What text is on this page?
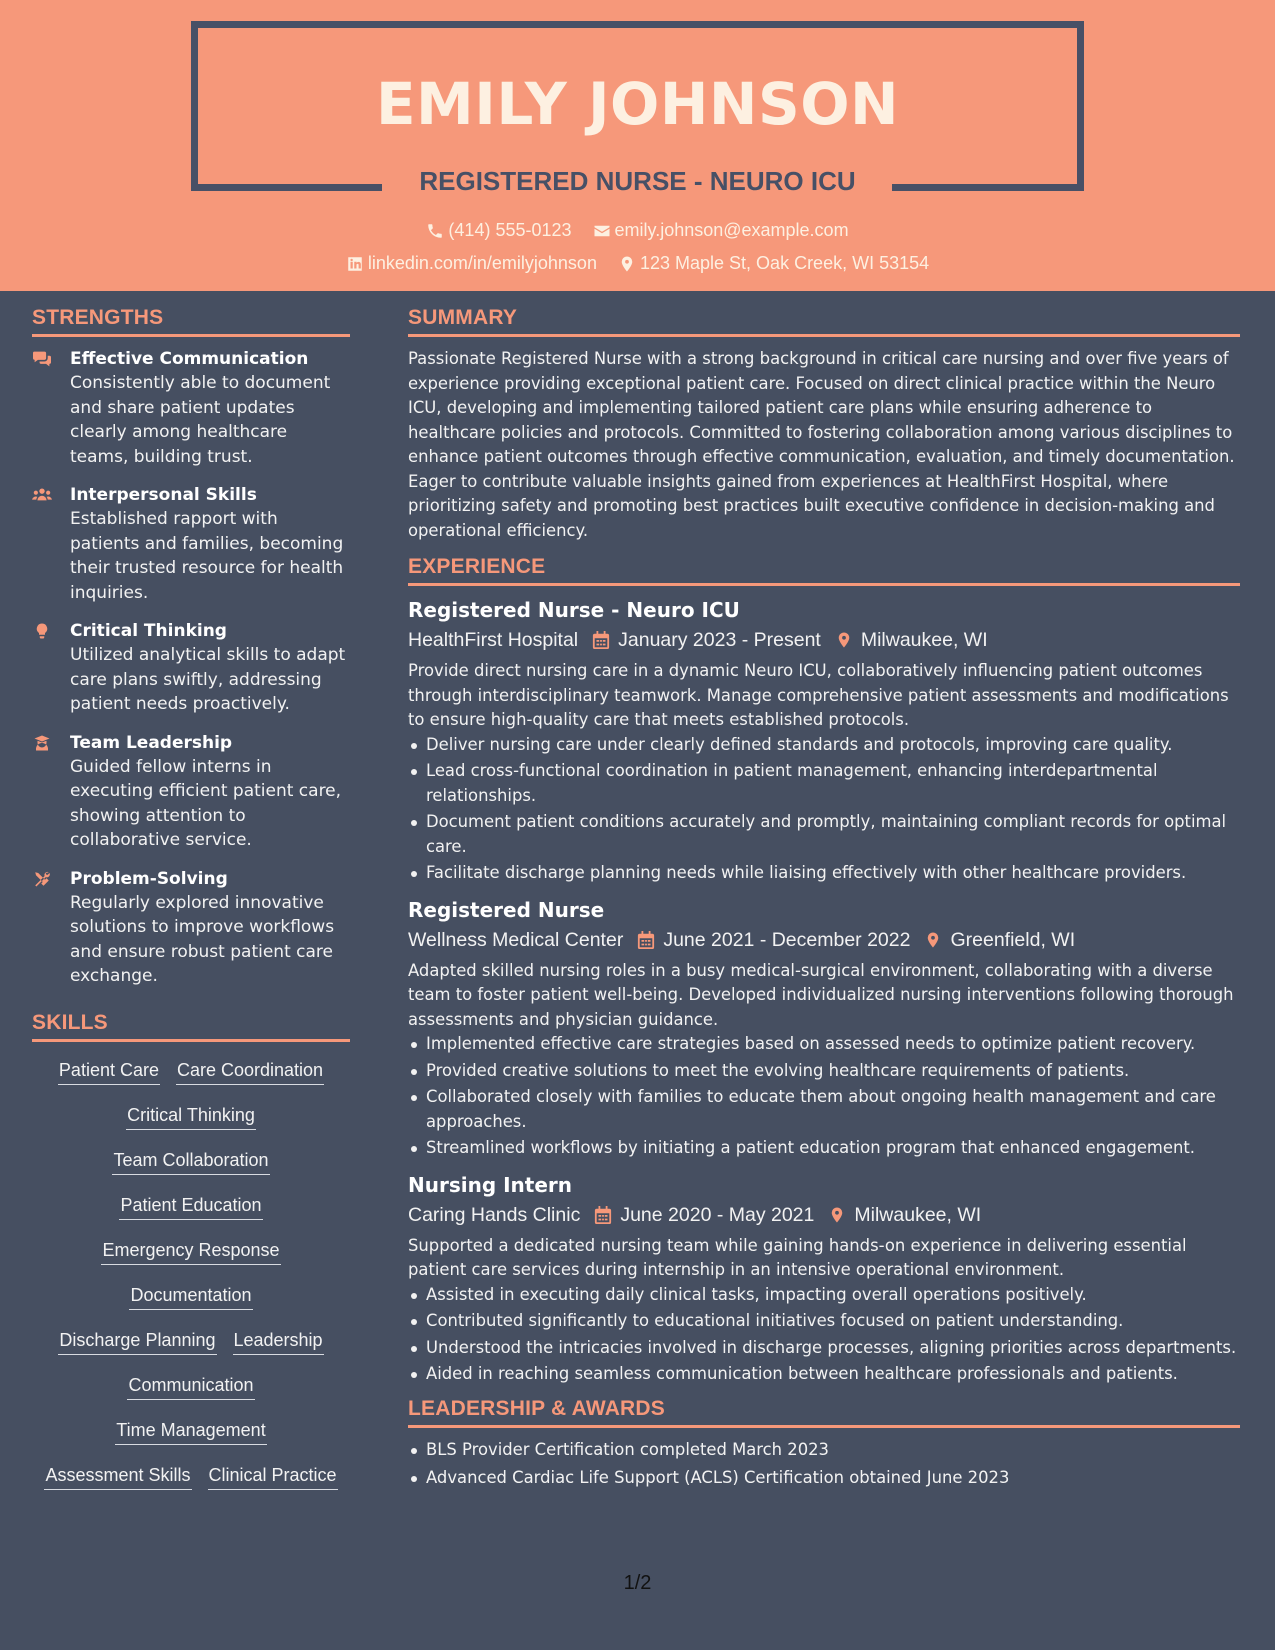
EMILY JOHNSON
REGISTERED NURSE - NEURO ICU
(414) 555-0123
emily.johnson@example.com
linkedin.com/in/emilyjohnson
123 Maple St, Oak Creek, WI 53154
STRENGTHS
Effective Communication
Consistently able to document and share patient updates clearly among healthcare teams, building trust.
Interpersonal Skills
Established rapport with patients and families, becoming their trusted resource for health inquiries.
Critical Thinking
Utilized analytical skills to adapt care plans swiftly, addressing patient needs proactively.
Team Leadership
Guided fellow interns in executing efficient patient care, showing attention to collaborative service.
Problem-Solving
Regularly explored innovative solutions to improve workflows and ensure robust patient care exchange.
SKILLS
Patient Care Care Coordination
Critical Thinking
Team Collaboration
Patient Education
Emergency Response
Documentation
Discharge Planning Leadership
Communication
Time Management
Assessment Skills Clinical Practice
SUMMARY
Passionate Registered Nurse with a strong background in critical care nursing and over five years of experience providing exceptional patient care. Focused on direct clinical practice within the Neuro ICU, developing and implementing tailored patient care plans while ensuring adherence to healthcare policies and protocols. Committed to fostering collaboration among various disciplines to enhance patient outcomes through effective communication, evaluation, and timely documentation. Eager to contribute valuable insights gained from experiences at HealthFirst Hospital, where prioritizing safety and promoting best practices built executive confidence in decision-making and operational efficiency.
EXPERIENCE
Registered Nurse - Neuro ICU
HealthFirst Hospital January 2023 - Present Milwaukee, WI
Provide direct nursing care in a dynamic Neuro ICU, collaboratively influencing patient outcomes through interdisciplinary teamwork. Manage comprehensive patient assessments and modifications to ensure high-quality care that meets established protocols.
Deliver nursing care under clearly defined standards and protocols, improving care quality.
Lead cross-functional coordination in patient management, enhancing interdepartmental relationships.
Document patient conditions accurately and promptly, maintaining compliant records for optimal care.
Facilitate discharge planning needs while liaising effectively with other healthcare providers.
Registered Nurse
Wellness Medical Center June 2021 - December 2022 Greenfield, WI
Adapted skilled nursing roles in a busy medical-surgical environment, collaborating with a diverse team to foster patient well-being. Developed individualized nursing interventions following thorough assessments and physician guidance.
Implemented effective care strategies based on assessed needs to optimize patient recovery.
Provided creative solutions to meet the evolving healthcare requirements of patients.
Collaborated closely with families to educate them about ongoing health management and care approaches.
Streamlined workflows by initiating a patient education program that enhanced engagement.
Nursing Intern
Caring Hands Clinic June 2020 - May 2021 Milwaukee, WI
Supported a dedicated nursing team while gaining hands-on experience in delivering essential patient care services during internship in an intensive operational environment.
Assisted in executing daily clinical tasks, impacting overall operations positively.
Contributed significantly to educational initiatives focused on patient understanding.
Understood the intricacies involved in discharge processes, aligning priorities across departments.
Aided in reaching seamless communication between healthcare professionals and patients.
LEADERSHIP & AWARDS
BLS Provider Certification completed March 2023
Advanced Cardiac Life Support (ACLS) Certification obtained June 2023
1/2
